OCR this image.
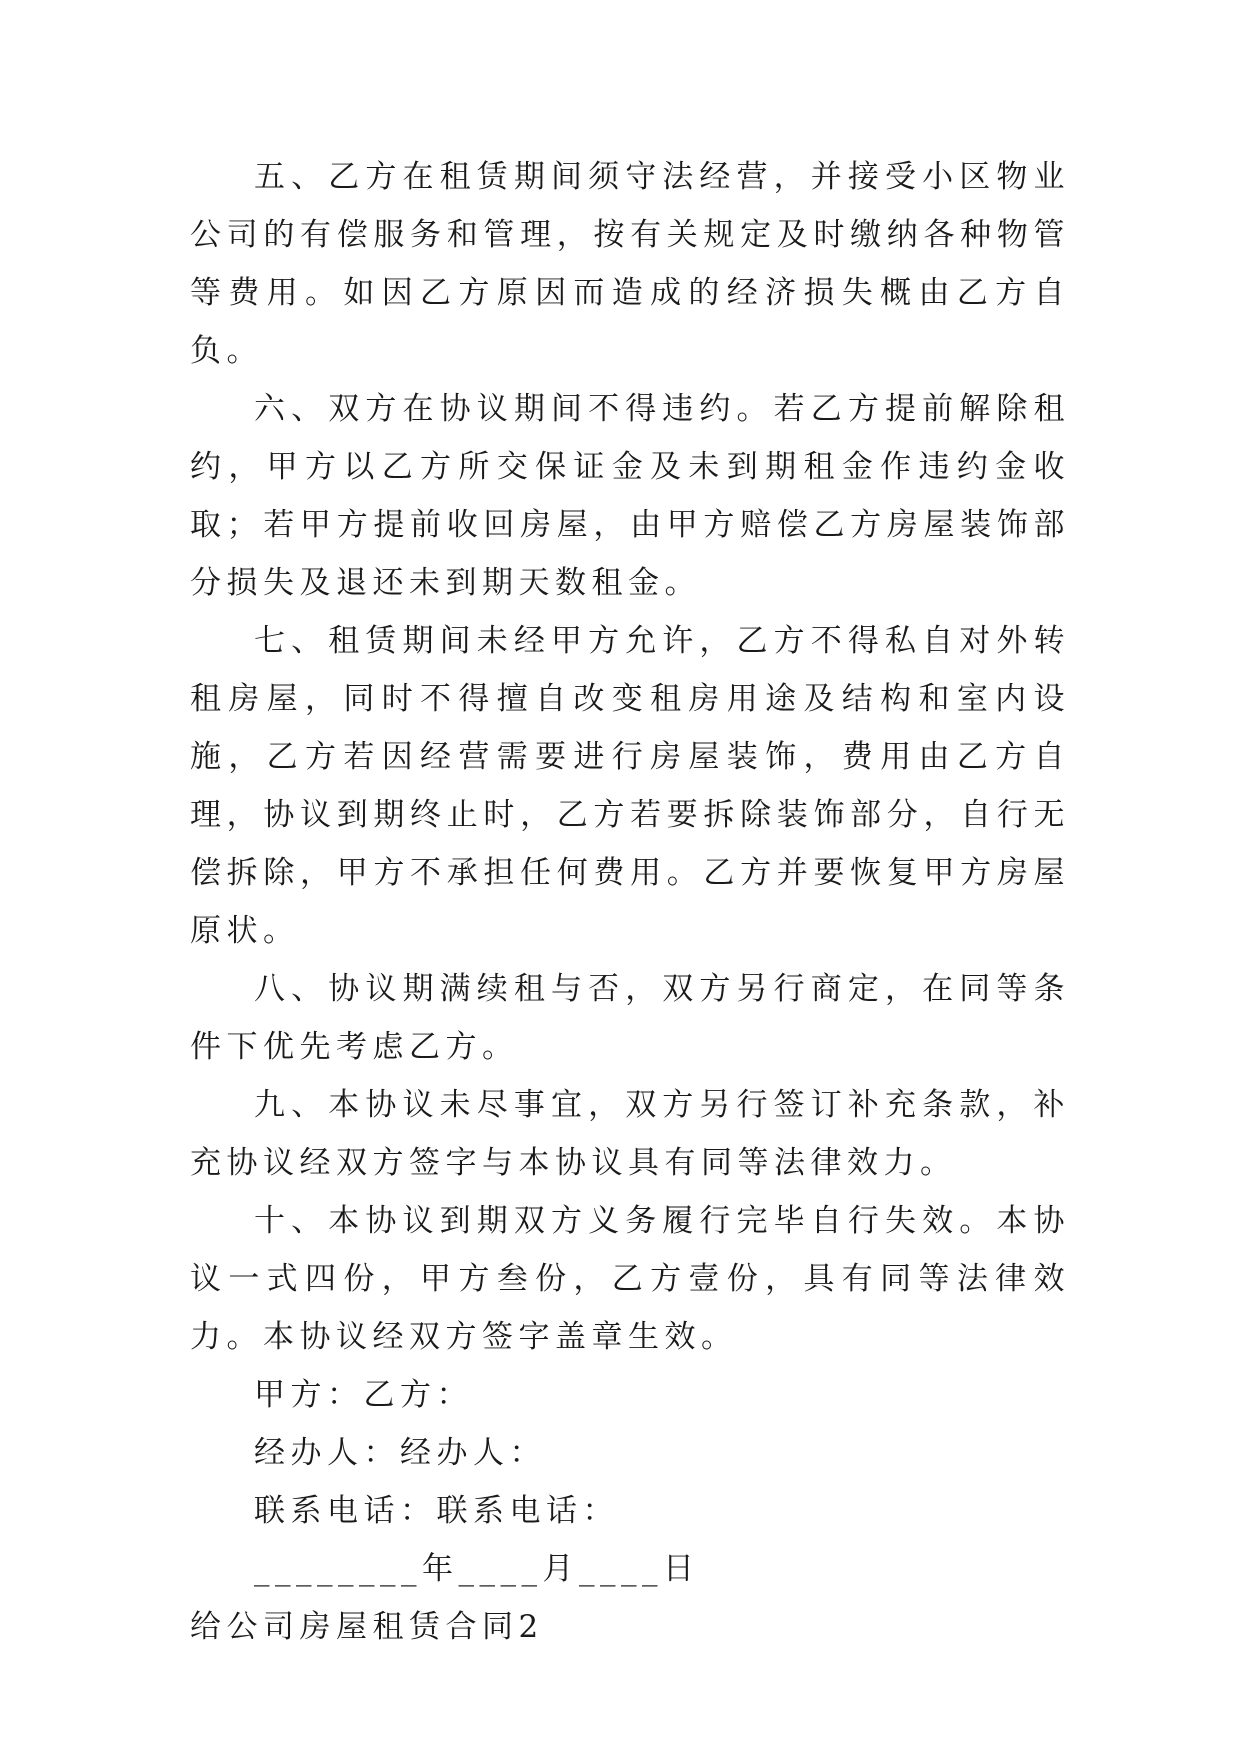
五、乙方在租赁期间须守法经营，并接受小区物业公司的有偿服务和管理，按有关规定及时缴纳各种物管等费用。如因乙方原因而造成的经济损失概由乙方自负。

六、双方在协议期间不得违约。若乙方提前解除租约，甲方以乙方所交保证金及未到期租金作违约金收取；若甲方提前收回房屋，由甲方赔偿乙方房屋装饰部分损失及退还未到期天数租金。

七、租赁期间未经甲方允许，乙方不得私自对外转租房屋，同时不得擅自改变租房用途及结构和室内设施，乙方若因经营需要进行房屋装饰，费用由乙方自理，协议到期终止时，乙方若要拆除装饰部分，自行无偿拆除，甲方不承担任何费用。乙方并要恢复甲方房屋原状。

八、协议期满续租与否，双方另行商定，在同等条件下优先考虑乙方。

九、本协议未尽事宜，双方另行签订补充条款，补充协议经双方签字与本协议具有同等法律效力。

十、本协议到期双方义务履行完毕自行失效。本协议一式四份，甲方叁份，乙方壹份，具有同等法律效力。本协议经双方签字盖章生效。

甲方：乙方：

经办人：经办人：

联系电话：联系电话：

________年____月____日

给公司房屋租赁合同2
